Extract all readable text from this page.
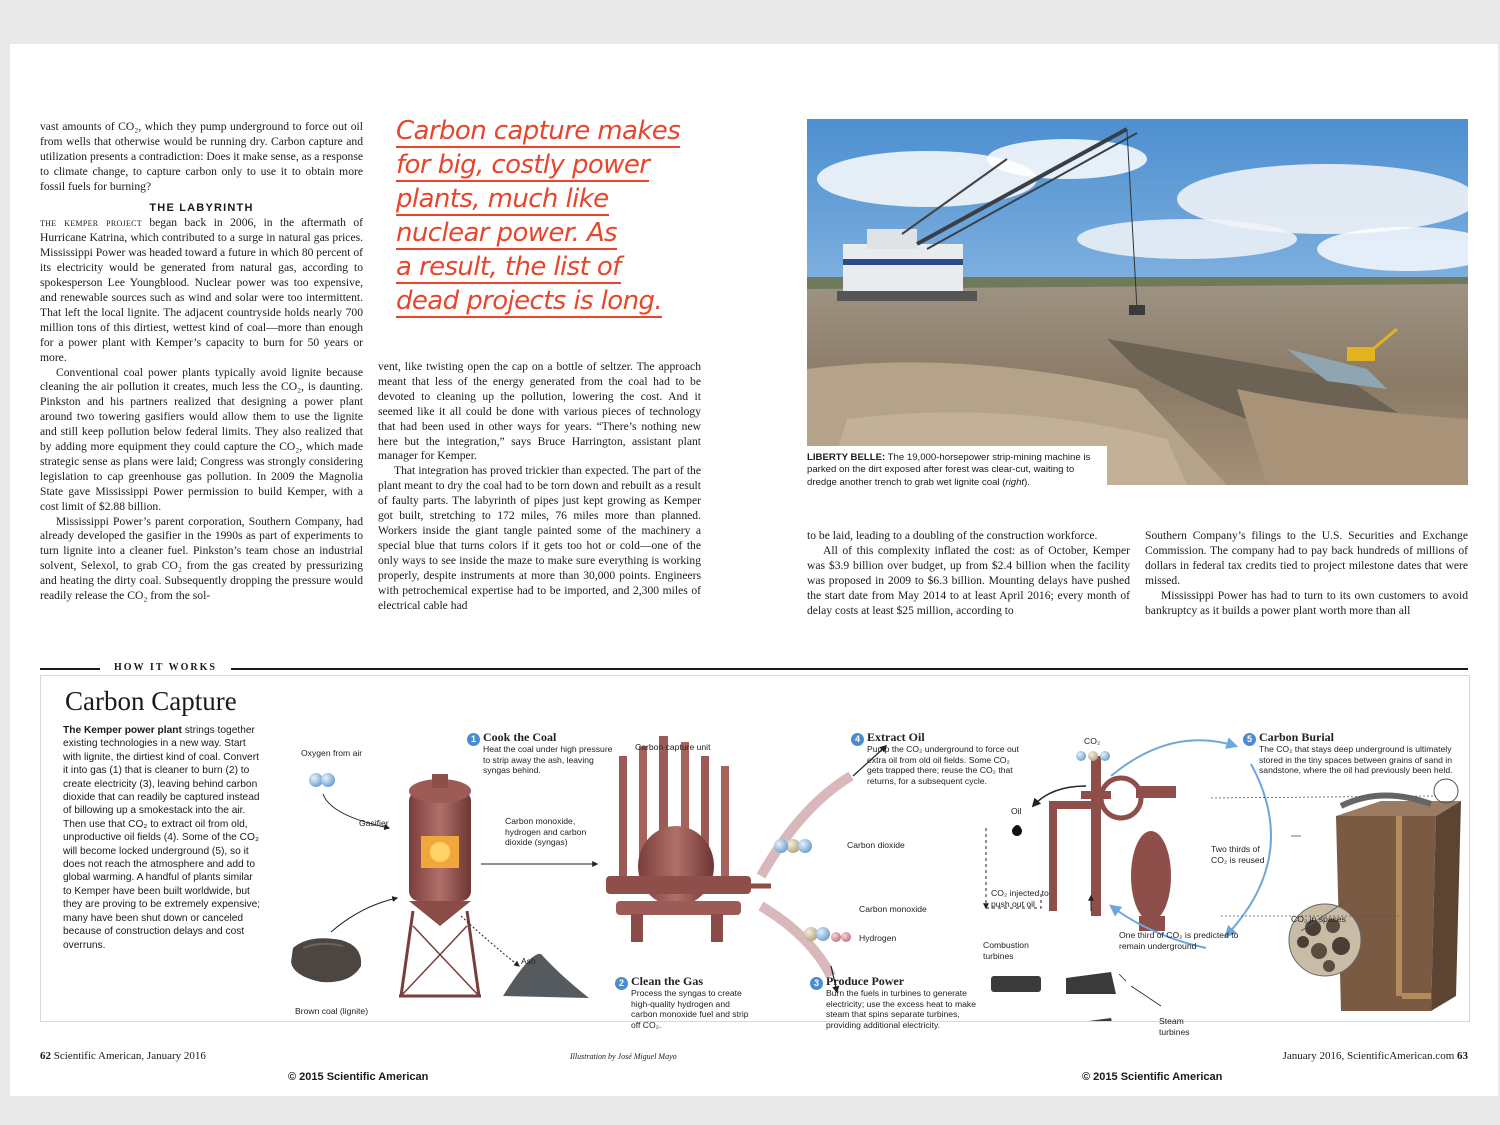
vast amounts of CO₂, which they pump underground to force out oil from wells that otherwise would be running dry. Carbon capture and utilization presents a contradiction: Does it make sense, as a response to climate change, to capture carbon only to use it to obtain more fossil fuels for burning?

THE LABYRINTH

the kemper project began back in 2006, in the aftermath of Hurricane Katrina, which contributed to a surge in natural gas prices. Mississippi Power was headed toward a future in which 80 percent of its electricity would be generated from natural gas, according to spokesperson Lee Youngblood. Nuclear power was too expensive, and renewable sources such as wind and solar were too intermittent. That left the local lignite. The adjacent countryside holds nearly 700 million tons of this dirtiest, wettest kind of coal—more than enough for a power plant with Kemper’s capacity to burn for 50 years or more.

Conventional coal power plants typically avoid lignite because cleaning the air pollution it creates, much less the CO₂, is daunting. Pinkston and his partners realized that designing a power plant around two towering gasifiers would allow them to use the lignite and still keep pollution below federal limits. They also realized that by adding more equipment they could capture the CO₂, which made strategic sense as plans were laid; Congress was strongly considering legislation to cap greenhouse gas pollution. In 2009 the Magnolia State gave Mississippi Power permission to build Kemper, with a cost limit of $2.88 billion.

Mississippi Power’s parent corporation, Southern Company, had already developed the gasifier in the 1990s as part of experiments to turn lignite into a cleaner fuel. Pinkston’s team chose an industrial solvent, Selexol, to grab CO₂ from the gas created by pressurizing and heating the dirty coal. Subsequently dropping the pressure would readily release the CO₂ from the sol-

Carbon capture makes
for big, costly power
plants, much like
nuclear power. As
a result, the list of
dead projects is long.

vent, like twisting open the cap on a bottle of seltzer. The approach meant that less of the energy generated from the coal had to be devoted to cleaning up the pollution, lowering the cost. And it seemed like it all could be done with various pieces of technology that had been used in other ways for years. “There’s nothing new here but the integration,” says Bruce Harrington, assistant plant manager for Kemper.

That integration has proved trickier than expected. The part of the plant meant to dry the coal had to be torn down and rebuilt as a result of faulty parts. The labyrinth of pipes just kept growing as Kemper got built, stretching to 172 miles, 76 miles more than planned. Workers inside the giant tangle painted some of the machinery a special blue that turns colors if it gets too hot or cold—one of the only ways to see inside the maze to make sure everything is working properly, despite instruments at more than 30,000 points. Engineers with petrochemical expertise had to be imported, and 2,300 miles of electrical cable had

LIBERTY BELLE: The 19,000-horsepower strip-mining machine is parked on the dirt exposed after forest was clear-cut, waiting to dredge another trench to grab wet lignite coal (right).

to be laid, leading to a doubling of the construction workforce.

All of this complexity inflated the cost: as of October, Kemper was $3.9 billion over budget, up from $2.4 billion when the facility was proposed in 2009 to $6.3 billion. Mounting delays have pushed the start date from May 2014 to at least April 2016; every month of delay costs at least $25 million, according to

Southern Company’s filings to the U.S. Securities and Exchange Commission. The company had to pay back hundreds of millions of dollars in federal tax credits tied to project milestone dates that were missed.

Mississippi Power has had to turn to its own customers to avoid bankruptcy as it builds a power plant worth more than all

HOW IT WORKS
Carbon Capture
The Kemper power plant strings together existing technologies in a new way. Start with lignite, the dirtiest kind of coal. Convert it into gas (1) that is cleaner to burn (2) to create electricity (3), leaving behind carbon dioxide that can readily be captured instead of billowing up a smokestack into the air. Then use that CO₂ to extract oil from old, unproductive oil fields (4). Some of the CO₂ will become locked underground (5), so it does not reach the atmosphere and add to global warming. A handful of plants similar to Kemper have been built worldwide, but they are proving to be extremely expensive; many have been shut down or canceled because of construction delays and cost overruns.
Oxygen from air
Gasifier
Brown coal (lignite)
Ash
Carbon monoxide, hydrogen and carbon dioxide (syngas)
Carbon capture unit
Carbon dioxide
Carbon monoxide
Hydrogen
CO₂
Oil
CO₂ injected to push out oil
Two thirds of CO₂ is reused
One third of CO₂ is predicted to remain underground
Combustion turbines
Steam turbines
CO₂ in spaces
1 Cook the Coal
Heat the coal under high pressure to strip away the ash, leaving syngas behind.
2 Clean the Gas
Process the syngas to create high-quality hydrogen and carbon monoxide fuel and strip off CO₂.
3 Produce Power
Burn the fuels in turbines to generate electricity; use the excess heat to make steam that spins separate turbines, providing additional electricity.
4 Extract Oil
Pump the CO₂ underground to force out extra oil from old oil fields. Some CO₂ gets trapped there; reuse the CO₂ that returns, for a subsequent cycle.
5 Carbon Burial
The CO₂ that stays deep underground is ultimately stored in the tiny spaces between grains of sand in sandstone, where the oil had previously been held.
62 Scientific American, January 2016	Illustration by José Miguel Mayo	January 2016, ScientificAmerican.com 63
© 2015 Scientific American	© 2015 Scientific American
